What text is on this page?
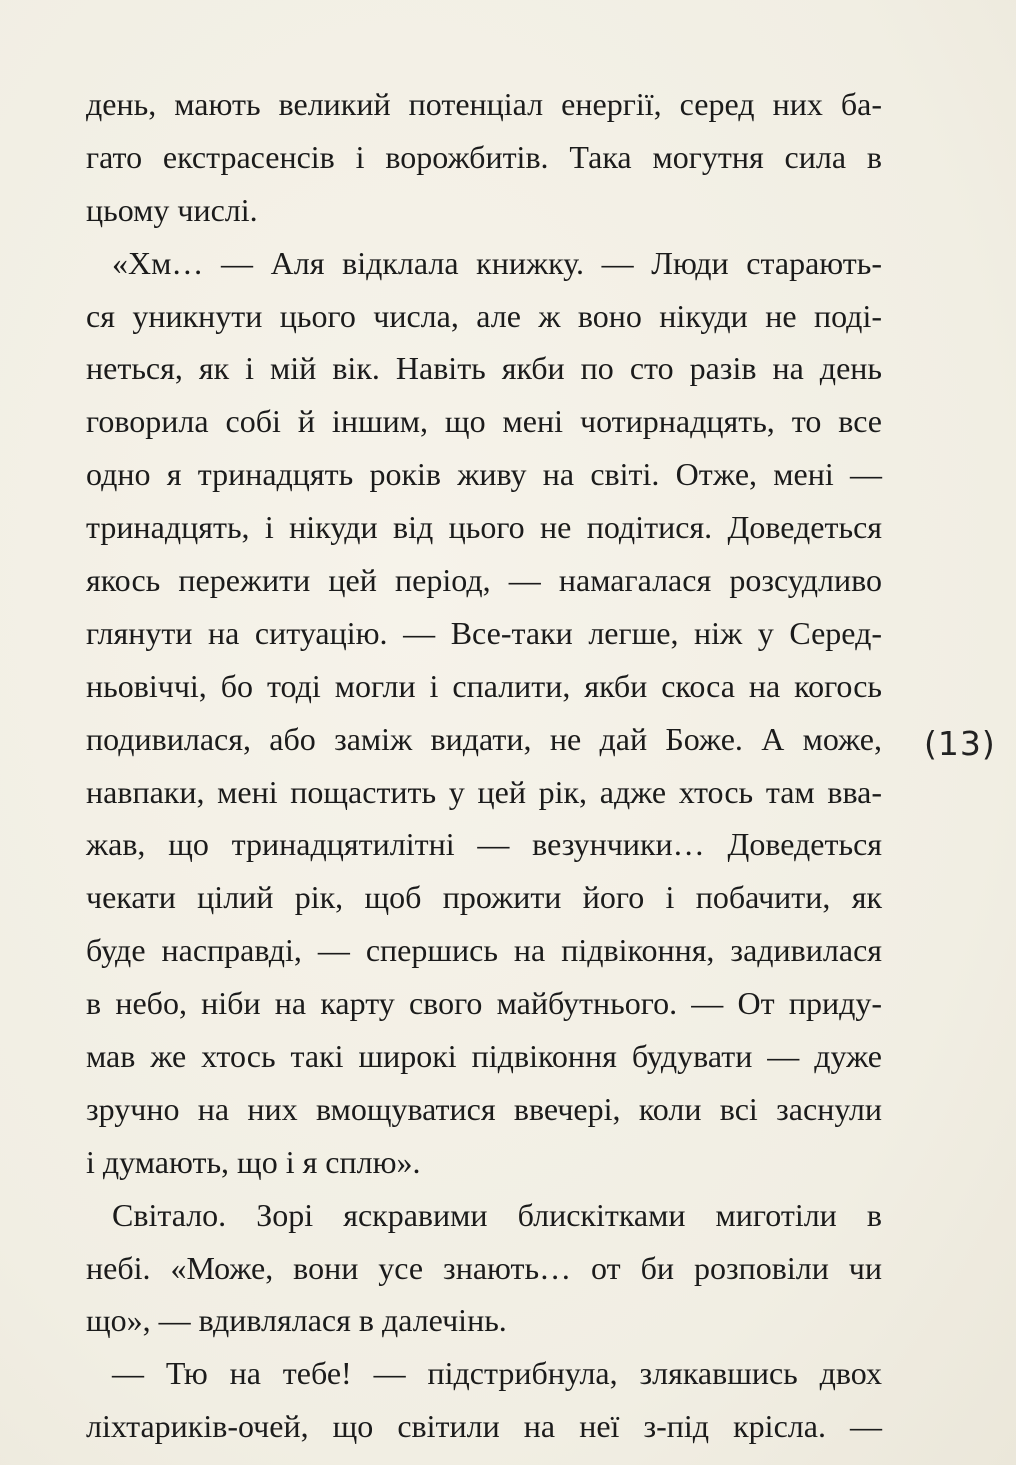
день, мають великий потенціал енергії, серед них ба-
гато екстрасенсів і ворожбитів. Така могутня сила в
цьому числі.
«Хм… — Аля відклала книжку. — Люди старають-
ся уникнути цього числа, але ж воно нікуди не поді-
неться, як і мій вік. Навіть якби по сто разів на день
говорила собі й іншим, що мені чотирнадцять, то все
одно я тринадцять років живу на світі. Отже, мені —
тринадцять, і нікуди від цього не подітися. Доведеться
якось пережити цей період, — намагалася розсудливо
глянути на ситуацію. — Все-таки легше, ніж у Серед-
ньовіччі, бо тоді могли і спалити, якби скоса на когось
подивилася, або заміж видати, не дай Боже. А може,
навпаки, мені пощастить у цей рік, адже хтось там вва-
жав, що тринадцятилітні — везунчики… Доведеться
чекати цілий рік, щоб прожити його і побачити, як
буде насправді, — спершись на підвіконня, задивилася
в небо, ніби на карту свого майбутнього. — От приду-
мав же хтось такі широкі підвіконня будувати — дуже
зручно на них вмощуватися ввечері, коли всі заснули
і думають, що і я сплю».
Світало. Зорі яскравими блискітками миготіли в
небі. «Може, вони усе знають… от би розповіли чи
що», — вдивлялася в далечінь.
— Тю на тебе! — підстрибнула, злякавшись двох
ліхтариків-очей, що світили на неї з-під крісла. —
(13)
